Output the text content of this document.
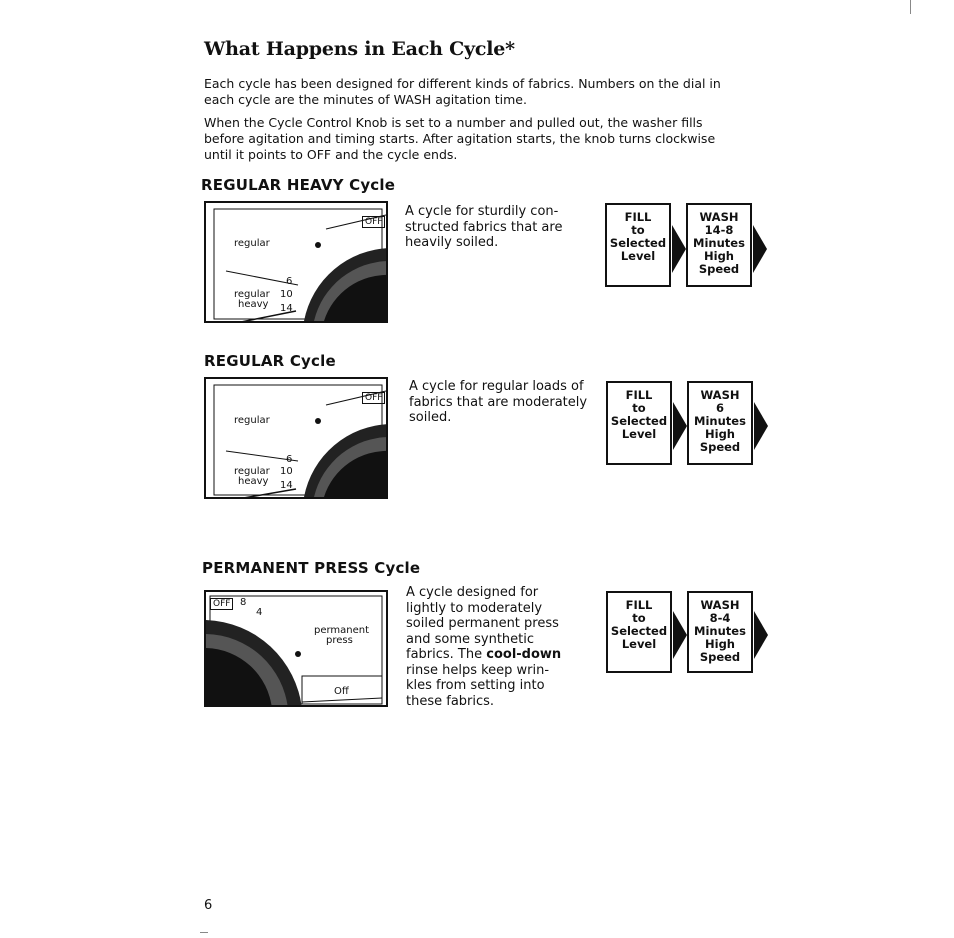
What Happens in Each Cycle*
Each cycle has been designed for different kinds of fabrics. Numbers on the dial in each cycle are the minutes of WASH agitation time.
When the Cycle Control Knob is set to a number and pulled out, the washer fills before agitation and timing starts. After agitation starts, the knob turns clockwise until it points to OFF and the cycle ends.
REGULAR HEAVY Cycle
OFF
regular
6
regular 10
heavy 14
A cycle for sturdily con- structed fabrics that are heavily soiled.
FILL
to
Selected
Level
WASH
14-8
Minutes
High
Speed
REGULAR Cycle
OFF
regular
6
regular 10
heavy 14
A cycle for regular loads of fabrics that are moderately soiled.
FILL
to
Selected
Level
WASH
6
Minutes
High
Speed
PERMANENT PRESS Cycle
OFF 8
4
permanent
press
Off
A cycle designed for
lightly to moderately
soiled permanent press
and some synthetic
fabrics. The cool-down
rinse helps keep wrin-
kles from setting into
these fabrics.
FILL
to
Selected
Level
WASH
8-4
Minutes
High
Speed
6
